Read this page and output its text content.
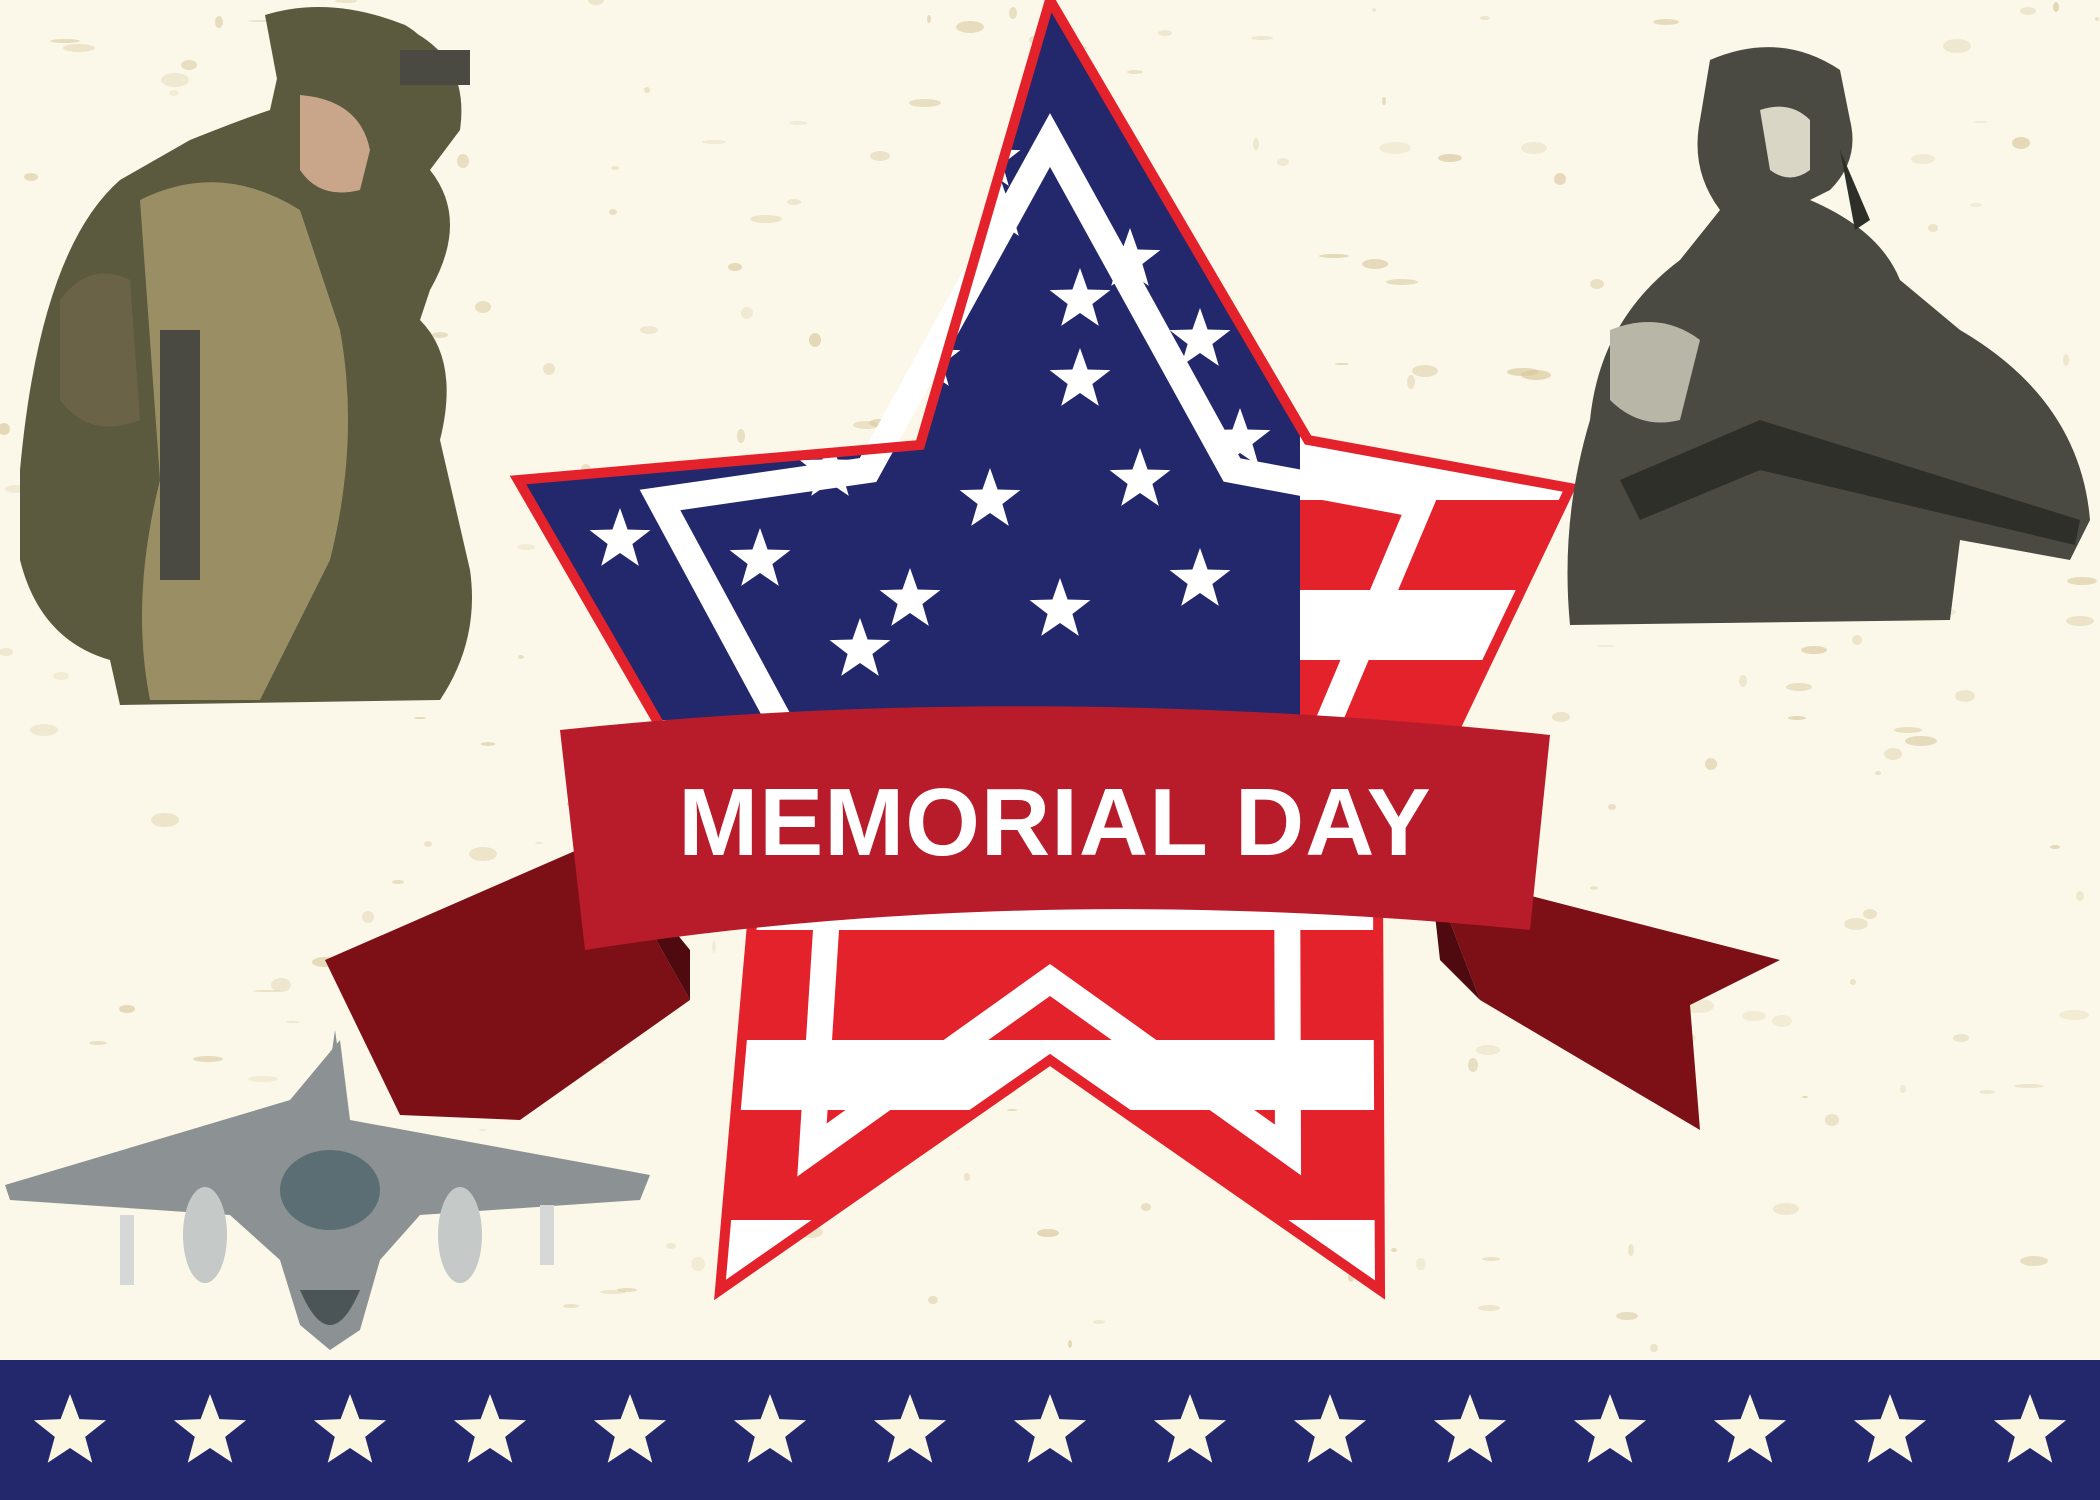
MEMORIAL DAY
